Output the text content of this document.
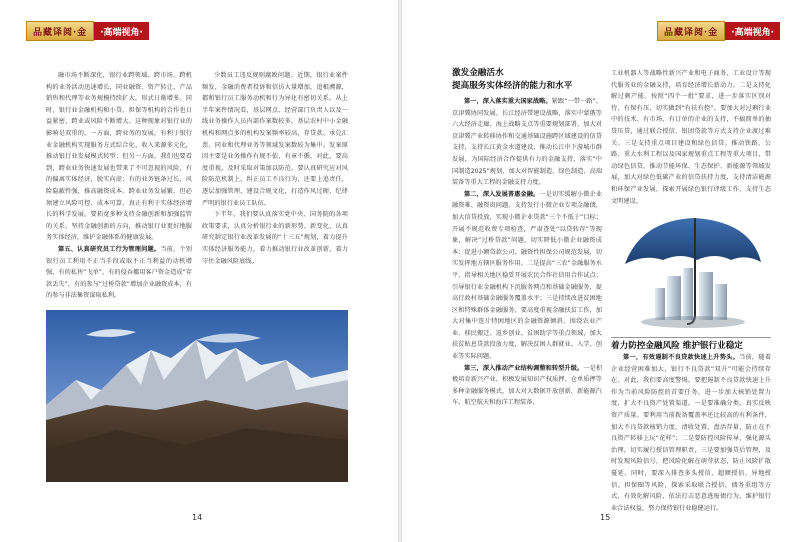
品藏译阅·金	·高端视角·

融市场不断深化，银行业跨领域、跨市场、跨机构的业务活动迅速增长，同业融资、资产转让、产品销售和代理等业务规模持续扩大，形式日渐增多。同时，银行业金融机构和小贷、担保等机构的合作也日益紧密，跨业或风险不断增大。这种现象对银行业的影响是双重的。一方面，跨业务的发展，有利于银行业金融机构实现服务方式综合化、收入来源多元化，推动银行业发展模式转型；但另一方面，我们也要看到，跨业业务快速发展也带来了不可忽视的风险，有的偏离实体经济，脱实向虚；有的业务链条过长，风险隐蔽性强，推高融资成本。跨业业务发展繁，但必须建立风险可控、成本可算、真正有利于实体经济增长的科学发展。要拓宽多种支持金融创新和加强监管的关系，坚持金融创新的方向，推动银行业更好地服务实体经济，维护金融体系的健康发展。

第五、认真研究员工行为管理问题。当前，个别银行员工利用不正当手段或取不正当利益的动机增强，有的私售“飞单”，有的侵吞挪用客户资金造成“存款丢失”，有的参与“过桥贷款”增加企业融资成本，有的参与非法集资谋取私利。

少数员工违反规则腐败问题。近期，银行业案件频发，金融消费者投诉和信访大量增加，追根溯源，都和银行员工服务动机和行为异化有密切关系。从上半年案件情况看，基层网点、经营部门负责人以及一线业务操作人员内部作案数较多，基层农村中小金融机构和网点多的机构发案频率较高，存贷款、承兑汇票、同业和代理业务等领域发案数较为集中。发案原因主要是业务操作有规不依、有章不循，对此，要高度重视，及时采取对策加以防范。要认真研究应对风险防范机制上，纠正员工不良行为，还要上追责任，逐层加强管理，建设合规文化，打造作风过硬、纪律严明的银行业员工队伍。

下半年，我们要认真落实党中央、国务院的各项政策要求，认真分析银行业的新形势、新变化，认真研究制定银行业改革发展的“十三五”规划，着力提升实体经济服务能力，着力推动银行业改革创新，着力守住金融风险底线。

14
品藏译阅·金	·高端视角·
激发金融活水
提高服务实体经济的能力和水平

第一，深入落实重大国家战略。紧跟“一带一路”、京津冀协同发展、长江经济带建设战略，落实中蒙俄等六大经济走廊、海上战略支点等重要规划部署，加大对京津冀产业转移协作和交通基础设施跨区域建设的信贷支持，支持长江黄金水道建设，推动长江中下游城市群发展，为国际经济合作提供有力的金融支持，落实“中国制造2025”规划，加大对智能制造、绿色制造、高端装备等重大工程的金融支持力度。

第二，深入发展普惠金融。一是切实缓解小微企业融资难、融资贵问题。支持发行小微企业专项金融债，加大信贷投放，实现小微企业贷款“三个不低于”目标；开展不规范收费专项检查，严肃查处“以贷转存”等现象，解决“过桥贷款”问题，切实降低小微企业融资成本；促进小额贷款公司、融资性担保公司规范发展，切实发挥地方辖区服务作用。二是提高“三农”金融服务水平，指导相关地区稳妥开展农民合作社信用合作试点；引导银行业金融机构下沉服务网点和基础金融服务，提高行政村基础金融服务覆盖水平；三是持续改进贫困地区和特殊群体金融服务，要高度重视金融扶贫工作，加大对集中连片特困地区的金融资源倾斜，围绕农业产业、移民搬迁、返乡创业、贫困助学等重点领域，加大扶贫贴息贷款投放力度，解决贫困人群就业、入学、创业等实际问题。

第三，深入推动产业结构调整和转型升级。一是积极培育新兴产业。积极发展知识产权质押、仓单质押等多种金融服务模式，加大对大数据开放创新、新能源汽车、航空航天和海洋工程装备、

工业机器人等战略性新兴产业和电子商务、工业设计等现代服务业的金融支持，培育经济增长新动力。二是支持化解过剩产能。按照“四个一批”要求，进一步落实区别对待、有保有压，切实做到“有扶有控”。要加大对过剩行业中的技术、有市场、有订单的企业的支持，不搞简单的抽贷压贷，通过联合授信，银团贷款等方式支持企业渡过难关。三是支持重点项目建设和绿色信贷。推动铁路、公路、重大水利工程以及国家规划重点工程等重大项目，带动绿色信贷，推动节能环保、生态保护、新能源等领域发展，加大对绿色低碳产业的信贷扶持力度，支持清洁能源和环保产业发展，探索开展绿色银行评级工作，支持生态文明建设。

着力防控金融风险 维护银行业稳定

第一，有效遏制不良贷款快速上升势头。当前，随着企业经营困难加大，银行不良贷款“双升”可能会持续存在。对此，我们要高度警惕。要把遏制不良贷款快速上升作为当前风险防控的首要任务，进一步加大核销处置力度，扩大不良资产处置渠道。一是要准确分类，真实反映资产质量。要利用当前拨备覆盖率还比较高的有利条件，加大不良贷款核销力度，清收处置，盘活存量，防止在不良资产转移上玩“花样”；二是要防控风险传导，强化源头治理，切实履行授信管理职责，三是要加强贷后管理，及时发现风险信号，把风险化解在萌芽状态，防止风险扩散蔓延。同时，要深入排查多头授信、超额授信、异地授信、担保圈等风险，探索采取联合授信、债务重组等方式，有效化解风险，依法打击恶意逃废债行为，维护银行业合法权益，努力保持银行业稳健运行。

15
